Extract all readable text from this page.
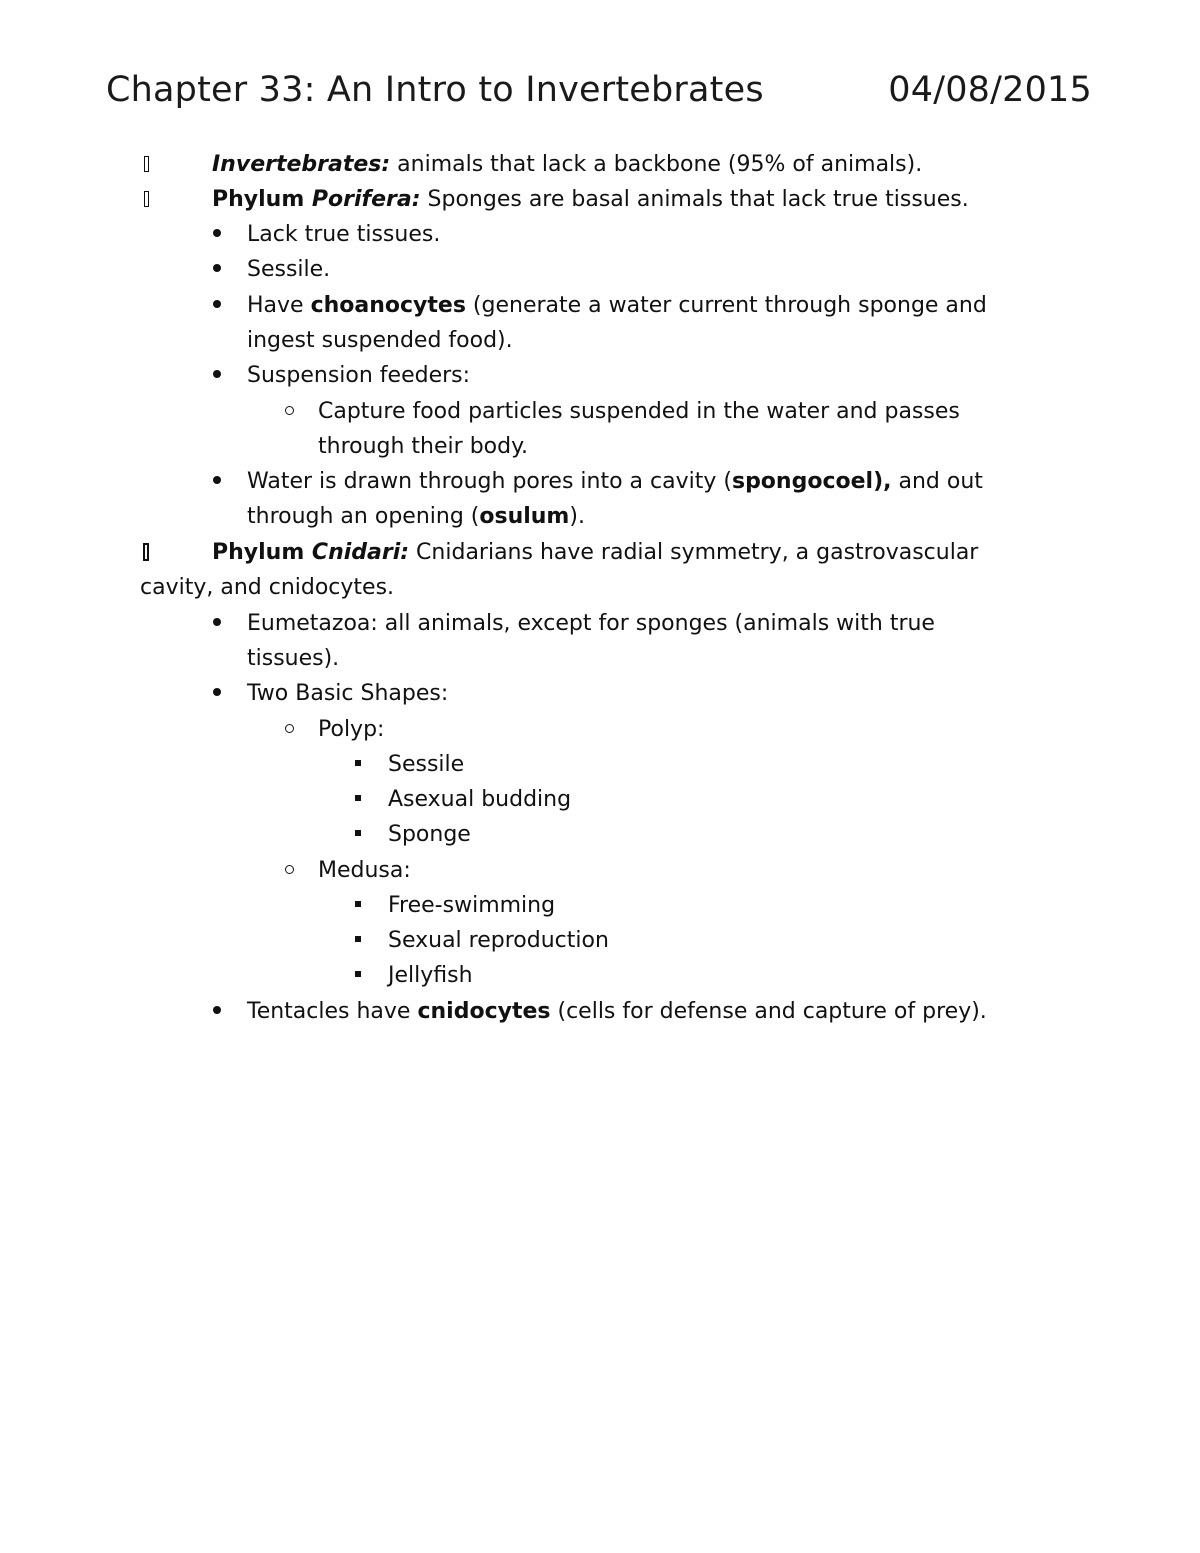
Chapter 33: An Intro to Invertebrates	04/08/2015
Invertebrates: animals that lack a backbone (95% of animals).
Phylum Porifera: Sponges are basal animals that lack true tissues.
Lack true tissues.
Sessile.
Have choanocytes (generate a water current through sponge and
ingest suspended food).
Suspension feeders:
Capture food particles suspended in the water and passes
through their body.
Water is drawn through pores into a cavity (spongocoel), and out
through an opening (osulum).
Phylum Cnidari: Cnidarians have radial symmetry, a gastrovascular
cavity, and cnidocytes.
Eumetazoa: all animals, except for sponges (animals with true
tissues).
Two Basic Shapes:
Polyp:
Sessile
Asexual budding
Sponge
Medusa:
Free-swimming
Sexual reproduction
Jellyfish
Tentacles have cnidocytes (cells for defense and capture of prey).
